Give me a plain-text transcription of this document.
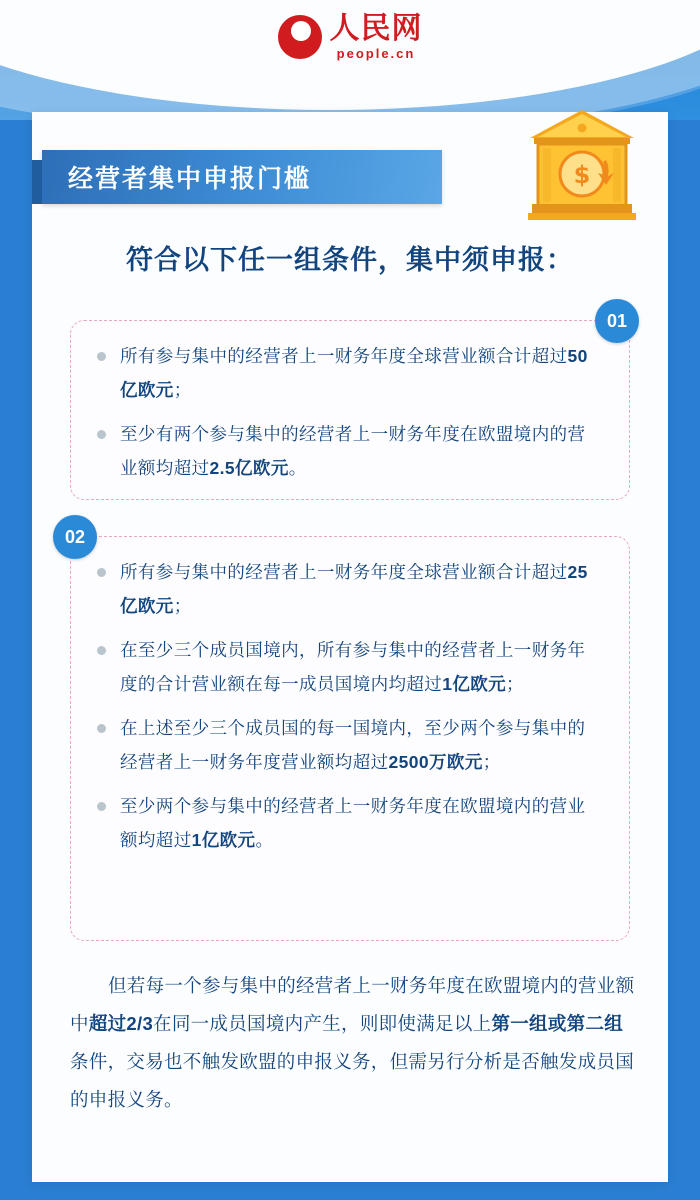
人民网
people.cn
经营者集中申报门槛	$
符合以下任一组条件，集中须申报：
01
所有参与集中的经营者上一财务年度全球营业额合计超过50亿欧元；
至少有两个参与集中的经营者上一财务年度在欧盟境内的营业额均超过2.5亿欧元。
02
所有参与集中的经营者上一财务年度全球营业额合计超过25亿欧元；
在至少三个成员国境内，所有参与集中的经营者上一财务年度的合计营业额在每一成员国境内均超过1亿欧元；
在上述至少三个成员国的每一国境内，至少两个参与集中的经营者上一财务年度营业额均超过2500万欧元；
至少两个参与集中的经营者上一财务年度在欧盟境内的营业额均超过1亿欧元。
但若每一个参与集中的经营者上一财务年度在欧盟境内的营业额中超过2/3在同一成员国境内产生，则即使满足以上第一组或第二组条件，交易也不触发欧盟的申报义务，但需另行分析是否触发成员国的申报义务。
